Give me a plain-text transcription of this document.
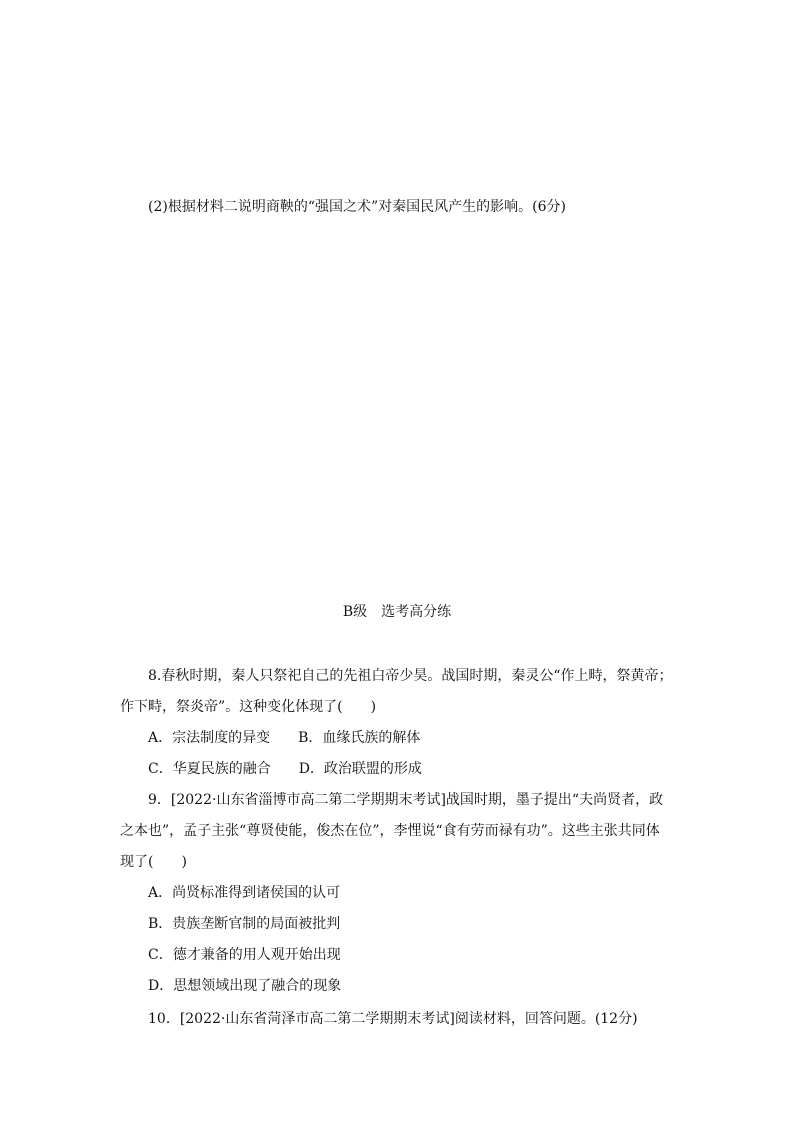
(2)根据材料二说明商鞅的“强国之术”对秦国民风产生的影响。(6分)
B级　选考高分练
8.春秋时期，秦人只祭祀自己的先祖白帝少昊。战国时期，秦灵公“作上畤，祭黄帝；
作下畤，祭炎帝”。这种变化体现了(　　)
A．宗法制度的异变　　B．血缘氏族的解体
C．华夏民族的融合　　D．政治联盟的形成
9．[2022·山东省淄博市高二第二学期期末考试]战国时期，墨子提出“夫尚贤者，政
之本也”，孟子主张“尊贤使能，俊杰在位”，李悝说“食有劳而禄有功”。这些主张共同体
现了(　　)
A．尚贤标准得到诸侯国的认可
B．贵族垄断官制的局面被批判
C．德才兼备的用人观开始出现
D．思想领域出现了融合的现象
10．[2022·山东省菏泽市高二第二学期期末考试]阅读材料，回答问题。(12分)
